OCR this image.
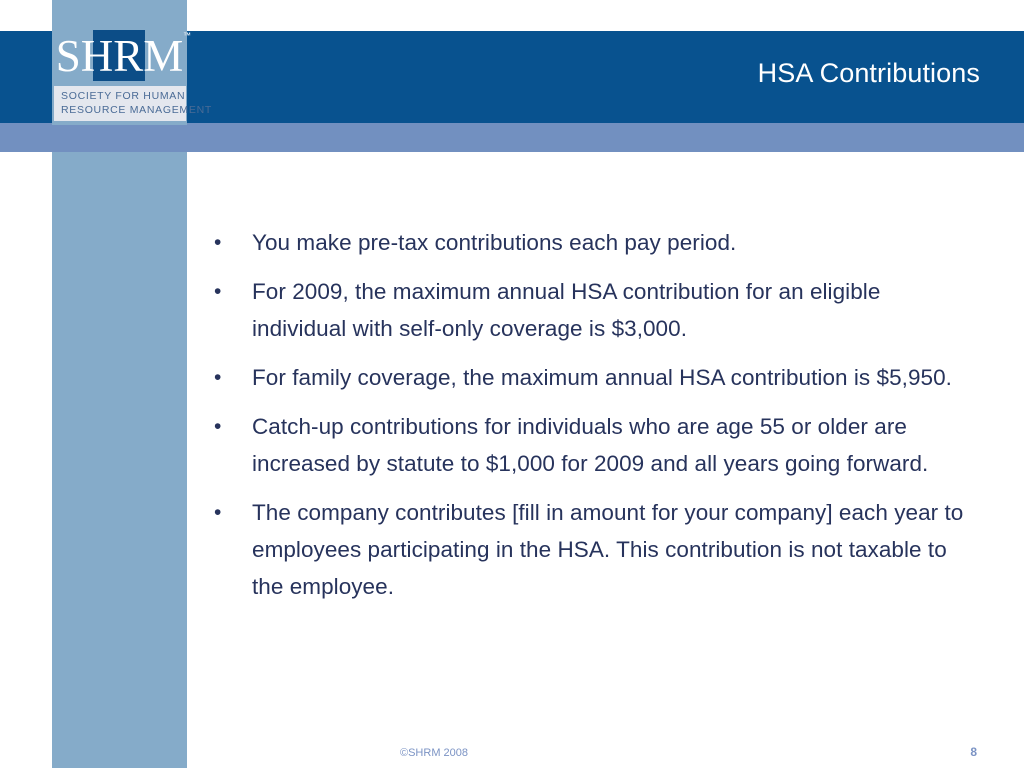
HSA Contributions
SHRM ™
SOCIETY FOR HUMAN
RESOURCE MANAGEMENT
•	You make pre-tax contributions each pay period.
•	For 2009, the maximum annual HSA contribution for an eligible individual with self-only coverage is $3,000.
•	For family coverage, the maximum annual HSA contribution is $5,950.
•	Catch-up contributions for individuals who are age 55 or older are increased by statute to $1,000 for 2009 and all years going forward.
•	The company contributes [fill in amount for your company] each year to employees participating in the HSA. This contribution is not taxable to the employee.
©SHRM 2008	8
